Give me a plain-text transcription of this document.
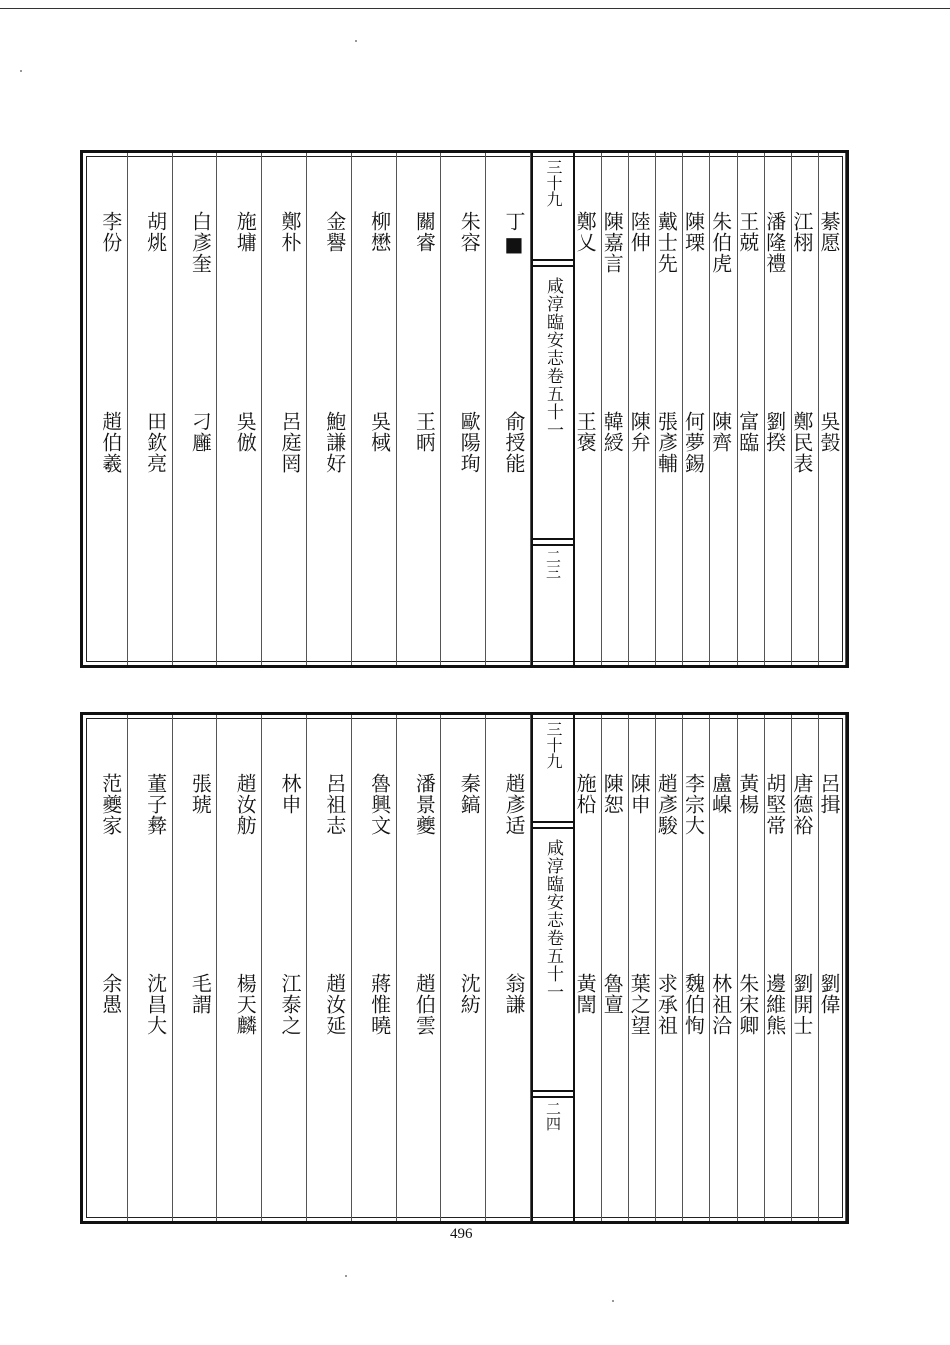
綦愿
吳㲄
江栩
鄭民表
潘隆禮
劉揆
王兢
富臨
朱伯虎
陳齊
陳瑮
何夢錫
戴士先
張彥輔
陸伸
陳弁
陳嘉言
韓綬
鄭乂
王褒
丁■
俞授能
朱容
歐陽珣
關睿
王昞
柳懋
吳棫
金譽
鮑謙好
鄭朴
呂庭罔
施墉
吳倣
白彥奎
刁廱
胡烑
田欽亮
李份
趙伯羲
三十九
咸淳臨安志卷五十一
二三
呂揖
劉偉
唐德裕
劉開士
胡堅常
邊維熊
黃楊
朱宋卿
盧嵲
林祖洽
李宗大
魏伯恂
趙彥駿
求承祖
陳申
葉之望
陳恕
魯亶
施柗
黃誾
趙彥适
翁謙
秦鎬
沈紡
潘景夔
趙伯雲
魯興文
蔣惟曉
呂祖志
趙汝延
林申
江泰之
趙汝舫
楊天麟
張琥
毛謂
董子彜
沈昌大
范夔家
余愚
三十九
咸淳臨安志卷五十一
二四
496
